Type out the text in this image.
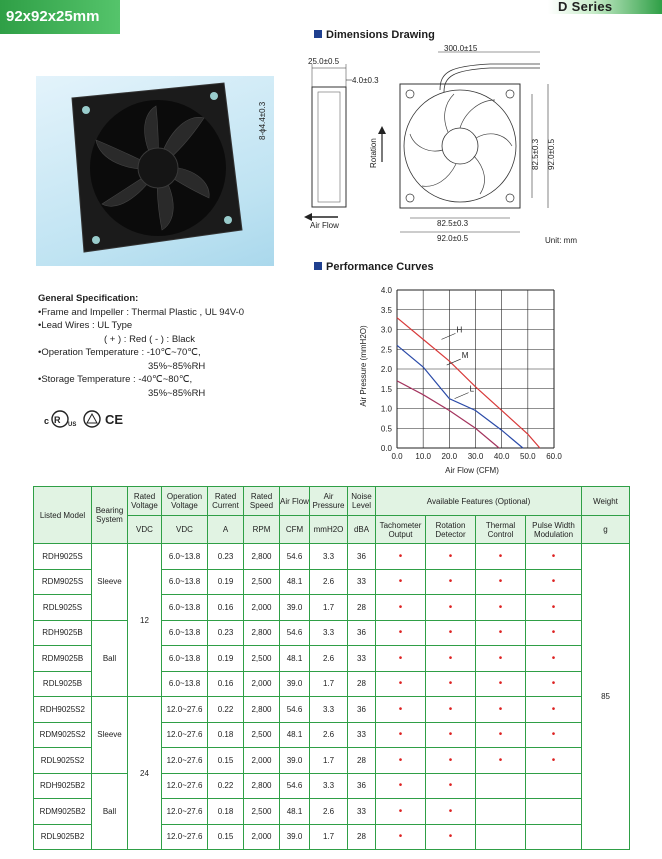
92x92x25mm
D Series
Dimensions Drawing
25.0±0.5
4.0±0.3
300.0±15
8-ϕ4.4±0.3
82.5±0.3 92.0±0.5
82.5±0.3
92.0±0.5
Rotation
Air Flow
Unit: mm
Performance Curves
General Specification:
•Frame and Impeller : Thermal Plastic , UL 94V-0
•Lead Wires : UL Type
( + ) : Red ( - ) : Black
•Operation Temperature : -10℃~70℃,
35%~85%RH
•Storage Temperature : -40℃~80℃,
35%~85%RH
c R US CE
H
M
L
0.0 10.0 20.0 30.0 40.0 50.0 60.0
0.0
0.5
1.0
1.5
2.0
2.5
3.0
3.5
4.0
Air Flow (CFM)
Air Pressure (mmH2O)
Listed Model	Bearing System	Rated Voltage	Operation Voltage	Rated Current	Rated Speed	Air Flow	Air Pressure	Noise Level	Available Features (Optional)				Weight
		VDC	VDC	A	RPM	CFM	mmH2O	dBA	Tachometer Output	Rotation Detector	Thermal Control	Pulse Width Modulation	g
RDH9025S	Sleeve	12	6.0~13.8	0.23	2,800	54.6	3.3	36	•	•	•	•	85
RDM9025S			6.0~13.8	0.19	2,500	48.1	2.6	33	•	•	•	•	
RDL9025S			6.0~13.8	0.16	2,000	39.0	1.7	28	•	•	•	•	
RDH9025B	Ball		6.0~13.8	0.23	2,800	54.6	3.3	36	•	•	•	•	
RDM9025B			6.0~13.8	0.19	2,500	48.1	2.6	33	•	•	•	•	
RDL9025B			6.0~13.8	0.16	2,000	39.0	1.7	28	•	•	•	•	
RDH9025S2	Sleeve	24	12.0~27.6	0.22	2,800	54.6	3.3	36	•	•	•	•	
RDM9025S2			12.0~27.6	0.18	2,500	48.1	2.6	33	•	•	•	•	
RDL9025S2			12.0~27.6	0.15	2,000	39.0	1.7	28	•	•	•	•	
RDH9025B2	Ball		12.0~27.6	0.22	2,800	54.6	3.3	36	•	•			
RDM9025B2			12.0~27.6	0.18	2,500	48.1	2.6	33	•	•			
RDL9025B2			12.0~27.6	0.15	2,000	39.0	1.7	28	•	•			
